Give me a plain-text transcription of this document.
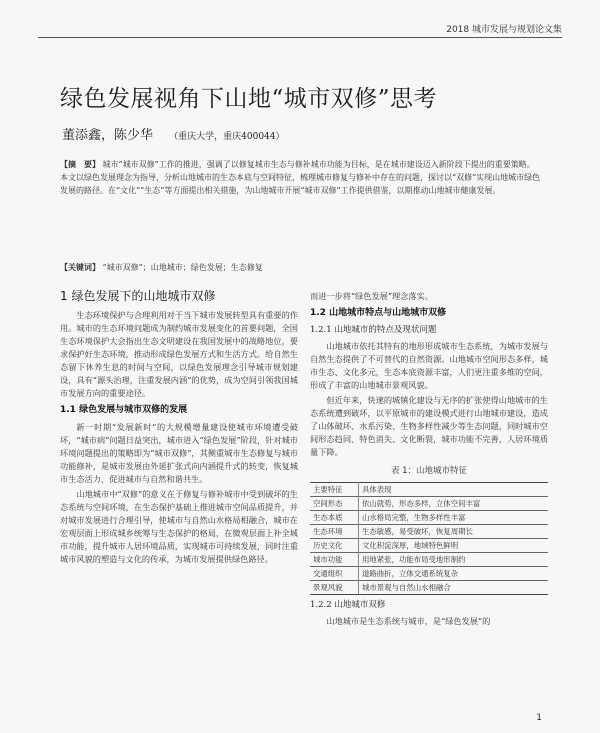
2018 城市发展与规划论文集
绿色发展视角下山地“城市双修”思考
董添鑫，陈少华 （重庆大学，重庆400044）
【摘　要】 城市“城市双修”工作的推进，强调了以修复城市生态与修补城市功能为目标，是在城市建设迈入新阶段下提出的重要策略。本文以绿色发展理念为指导，分析山地城市的生态本底与空间特征，梳理城市修复与修补中存在的问题，探讨以“双修”实现山地城市绿色发展的路径。在“文化”“生态”等方面提出相关措施，为山地城市开展“城市双修”工作提供借鉴，以期推动山地城市健康发展。
【关键词】 “城市双修”；山地城市；绿色发展；生态修复
1 绿色发展下的山地城市双修

生态环境保护与合理利用对于当下城市发展转型具有重要的作用。城市的生态环境问题成为制约城市发展变化的首要问题，全国生态环境保护大会指出生态文明建设在我国发展中的战略地位，要求保护好生态环境，推动形成绿色发展方式和生活方式。给自然生态留下休养生息的时间与空间，以绿色发展理念引导城市规划建设，具有“源头治理，注重发展内涵”的优势，成为空间引领我国城市发展方向的重要途径。

1.1 绿色发展与城市双修的发展

新一时期“发展新时”的大规模增量建设使城市环境遭受破坏，“城市病”问题日益突出，城市进入“绿色发展”阶段，针对城市环境问题提出的策略即为“城市双修”，其侧重城市生态修复与城市功能修补，是城市发展由外延扩张式向内涵提升式的转变，恢复城市生态活力，促进城市与自然和谐共生。

山地城市中“双修”的意义在于修复与修补城市中受到破坏的生态系统与空间环境，在生态保护基础上推进城市空间品质提升，并对城市发展进行合理引导，使城市与自然山水格局相融合，城市在宏观层面上形成城乡统筹与生态保护的格局，在微观层面上补全城市功能，提升城市人居环境品质，实现城市可持续发展，同时注重城市风貌的塑造与文化的传承，为城市发展提供绿色路径。

而进一步将“绿色发展”理念落实。

1.2 山地城市特点与山地城市双修
1.2.1 山地城市的特点及现状问题

山地城市依托其特有的地形形成城市生态系统，为城市发展与自然生态提供了不可替代的自然资源。山地城市空间形态多样，城市生态、文化多元，生态本底资源丰富，人们更注重多维的空间，形成了丰富的山地城市景观风貌。

但近年来，快速的城镇化建设与无序的扩张使得山地城市的生态系统遭到破坏，以平原城市的建设模式进行山地城市建设，造成了山体破坏、水系污染、生物多样性减少等生态问题，同时城市空间形态趋同、特色消失、文化断裂，城市功能不完善，人居环境质量下降。

表 1：山地城市特征
主要特征	具体表现
空间形态	依山就势，形态多样，立体空间丰富
生态本底	山水格局完整，生物多样性丰富
生态环境	生态敏感，易受破坏，恢复周期长
历史文化	文化积淀深厚，地域特色鲜明
城市功能	用地紧张，功能布局受地形制约
交通组织	道路曲折，立体交通系统复杂
景观风貌	城市景观与自然山水相融合
1.2.2 山地城市双修

山地城市是生态系统与城市，是“绿色发展”的

1
